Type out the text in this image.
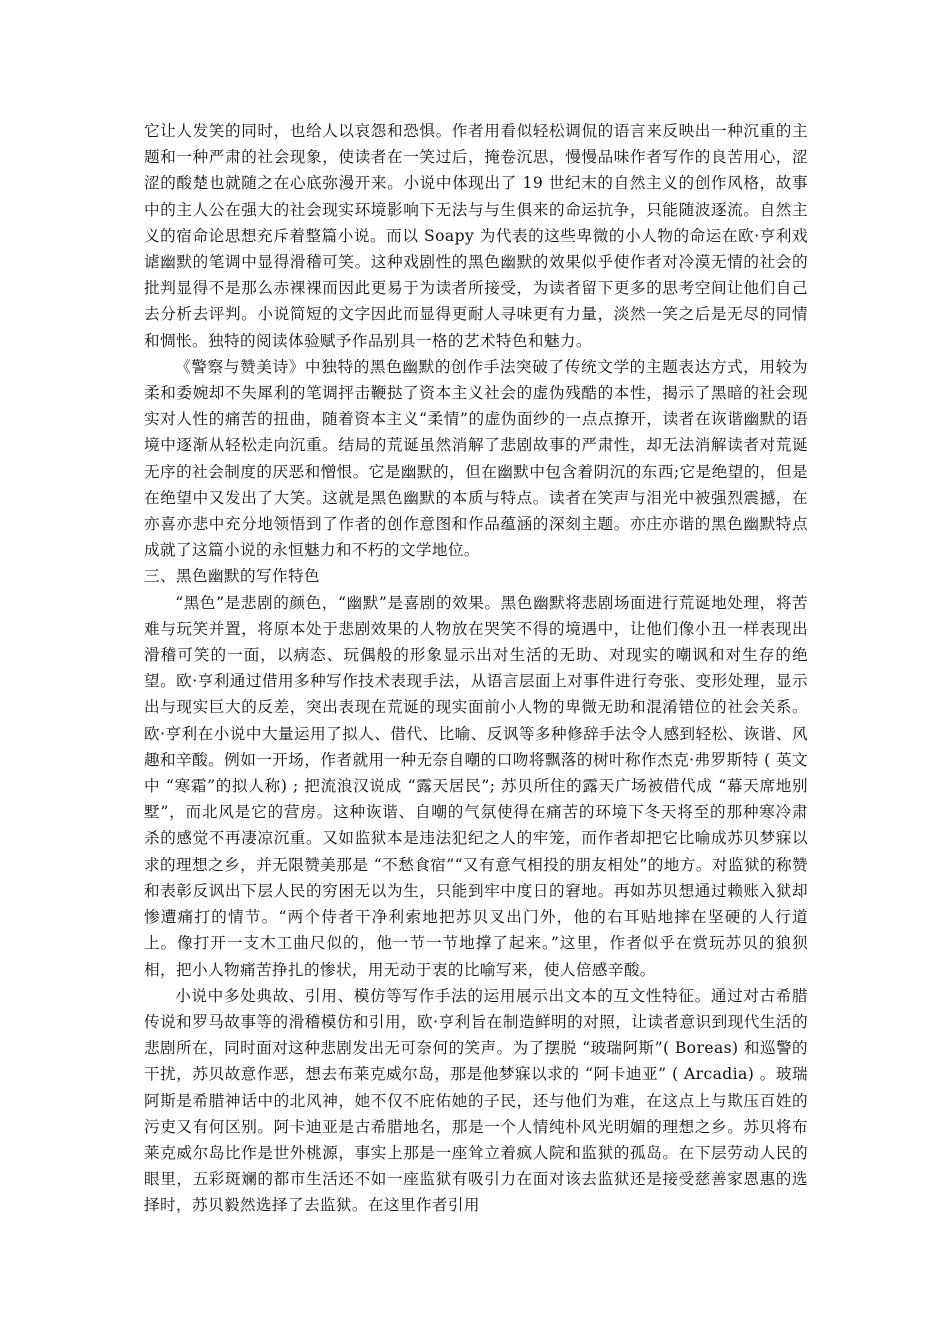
它让人发笑的同时，也给人以哀怨和恐惧。作者用看似轻松调侃的语言来反映出一种沉重的主题和一种严肃的社会现象，使读者在一笑过后，掩卷沉思，慢慢品味作者写作的良苦用心，涩涩的酸楚也就随之在心底弥漫开来。小说中体现出了 19 世纪末的自然主义的创作风格，故事中的主人公在强大的社会现实环境影响下无法与与生俱来的命运抗争，只能随波逐流。自然主义的宿命论思想充斥着整篇小说。而以 Soapy 为代表的这些卑微的小人物的命运在欧·亨利戏谑幽默的笔调中显得滑稽可笑。这种戏剧性的黑色幽默的效果似乎使作者对冷漠无情的社会的批判显得不是那么赤裸裸而因此更易于为读者所接受，为读者留下更多的思考空间让他们自己去分析去评判。小说简短的文字因此而显得更耐人寻味更有力量，淡然一笑之后是无尽的同情和惆怅。独特的阅读体验赋予作品别具一格的艺术特色和魅力。

《警察与赞美诗》中独特的黑色幽默的创作手法突破了传统文学的主题表达方式，用较为柔和委婉却不失犀利的笔调抨击鞭挞了资本主义社会的虚伪残酷的本性，揭示了黑暗的社会现实对人性的痛苦的扭曲，随着资本主义“柔情”的虚伪面纱的一点点撩开，读者在诙谐幽默的语境中逐渐从轻松走向沉重。结局的荒诞虽然消解了悲剧故事的严肃性，却无法消解读者对荒诞无序的社会制度的厌恶和憎恨。它是幽默的，但在幽默中包含着阴沉的东西;它是绝望的，但是在绝望中又发出了大笑。这就是黑色幽默的本质与特点。读者在笑声与泪光中被强烈震撼，在亦喜亦悲中充分地领悟到了作者的创作意图和作品蕴涵的深刻主题。亦庄亦谐的黑色幽默特点成就了这篇小说的永恒魅力和不朽的文学地位。

三、黑色幽默的写作特色

“黑色”是悲剧的颜色，“幽默”是喜剧的效果。黑色幽默将悲剧场面进行荒诞地处理，将苦难与玩笑并置，将原本处于悲剧效果的人物放在哭笑不得的境遇中，让他们像小丑一样表现出滑稽可笑的一面，以病态、玩偶般的形象显示出对生活的无助、对现实的嘲讽和对生存的绝望。欧·亨利通过借用多种写作技术表现手法，从语言层面上对事件进行夸张、变形处理，显示出与现实巨大的反差，突出表现在荒诞的现实面前小人物的卑微无助和混淆错位的社会关系。欧·亨利在小说中大量运用了拟人、借代、比喻、反讽等多种修辞手法令人感到轻松、诙谐、风趣和辛酸。例如一开场，作者就用一种无奈自嘲的口吻将飘落的树叶称作杰克·弗罗斯特 ( 英文中 “寒霜”的拟人称) ; 把流浪汉说成 “露天居民”; 苏贝所住的露天广场被借代成 “幕天席地别墅”，而北风是它的营房。这种诙谐、自嘲的气氛使得在痛苦的环境下冬天将至的那种寒冷肃杀的感觉不再凄凉沉重。又如监狱本是违法犯纪之人的牢笼，而作者却把它比喻成苏贝梦寐以求的理想之乡，并无限赞美那是 “不愁食宿”“又有意气相投的朋友相处”的地方。对监狱的称赞和表彰反讽出下层人民的穷困无以为生，只能到牢中度日的窘地。再如苏贝想通过赖账入狱却惨遭痛打的情节。“两个侍者干净利索地把苏贝叉出门外，他的右耳贴地摔在坚硬的人行道上。像打开一支木工曲尺似的，他一节一节地撑了起来。”这里，作者似乎在赏玩苏贝的狼狈相，把小人物痛苦挣扎的惨状，用无动于衷的比喻写来，使人倍感辛酸。

小说中多处典故、引用、模仿等写作手法的运用展示出文本的互文性特征。通过对古希腊传说和罗马故事等的滑稽模仿和引用，欧·亨利旨在制造鲜明的对照，让读者意识到现代生活的悲剧所在，同时面对这种悲剧发出无可奈何的笑声。为了摆脱 “玻瑞阿斯”( Boreas) 和巡警的干扰，苏贝故意作恶，想去布莱克威尔岛，那是他梦寐以求的 “阿卡迪亚” ( Arcadia) 。玻瑞阿斯是希腊神话中的北风神，她不仅不庇佑她的子民，还与他们为难，在这点上与欺压百姓的污吏又有何区别。阿卡迪亚是古希腊地名，那是一个人情纯朴风光明媚的理想之乡。苏贝将布莱克威尔岛比作是世外桃源，事实上那是一座耸立着疯人院和监狱的孤岛。在下层劳动人民的眼里，五彩斑斓的都市生活还不如一座监狱有吸引力在面对该去监狱还是接受慈善家恩惠的选择时，苏贝毅然选择了去监狱。在这里作者引用
